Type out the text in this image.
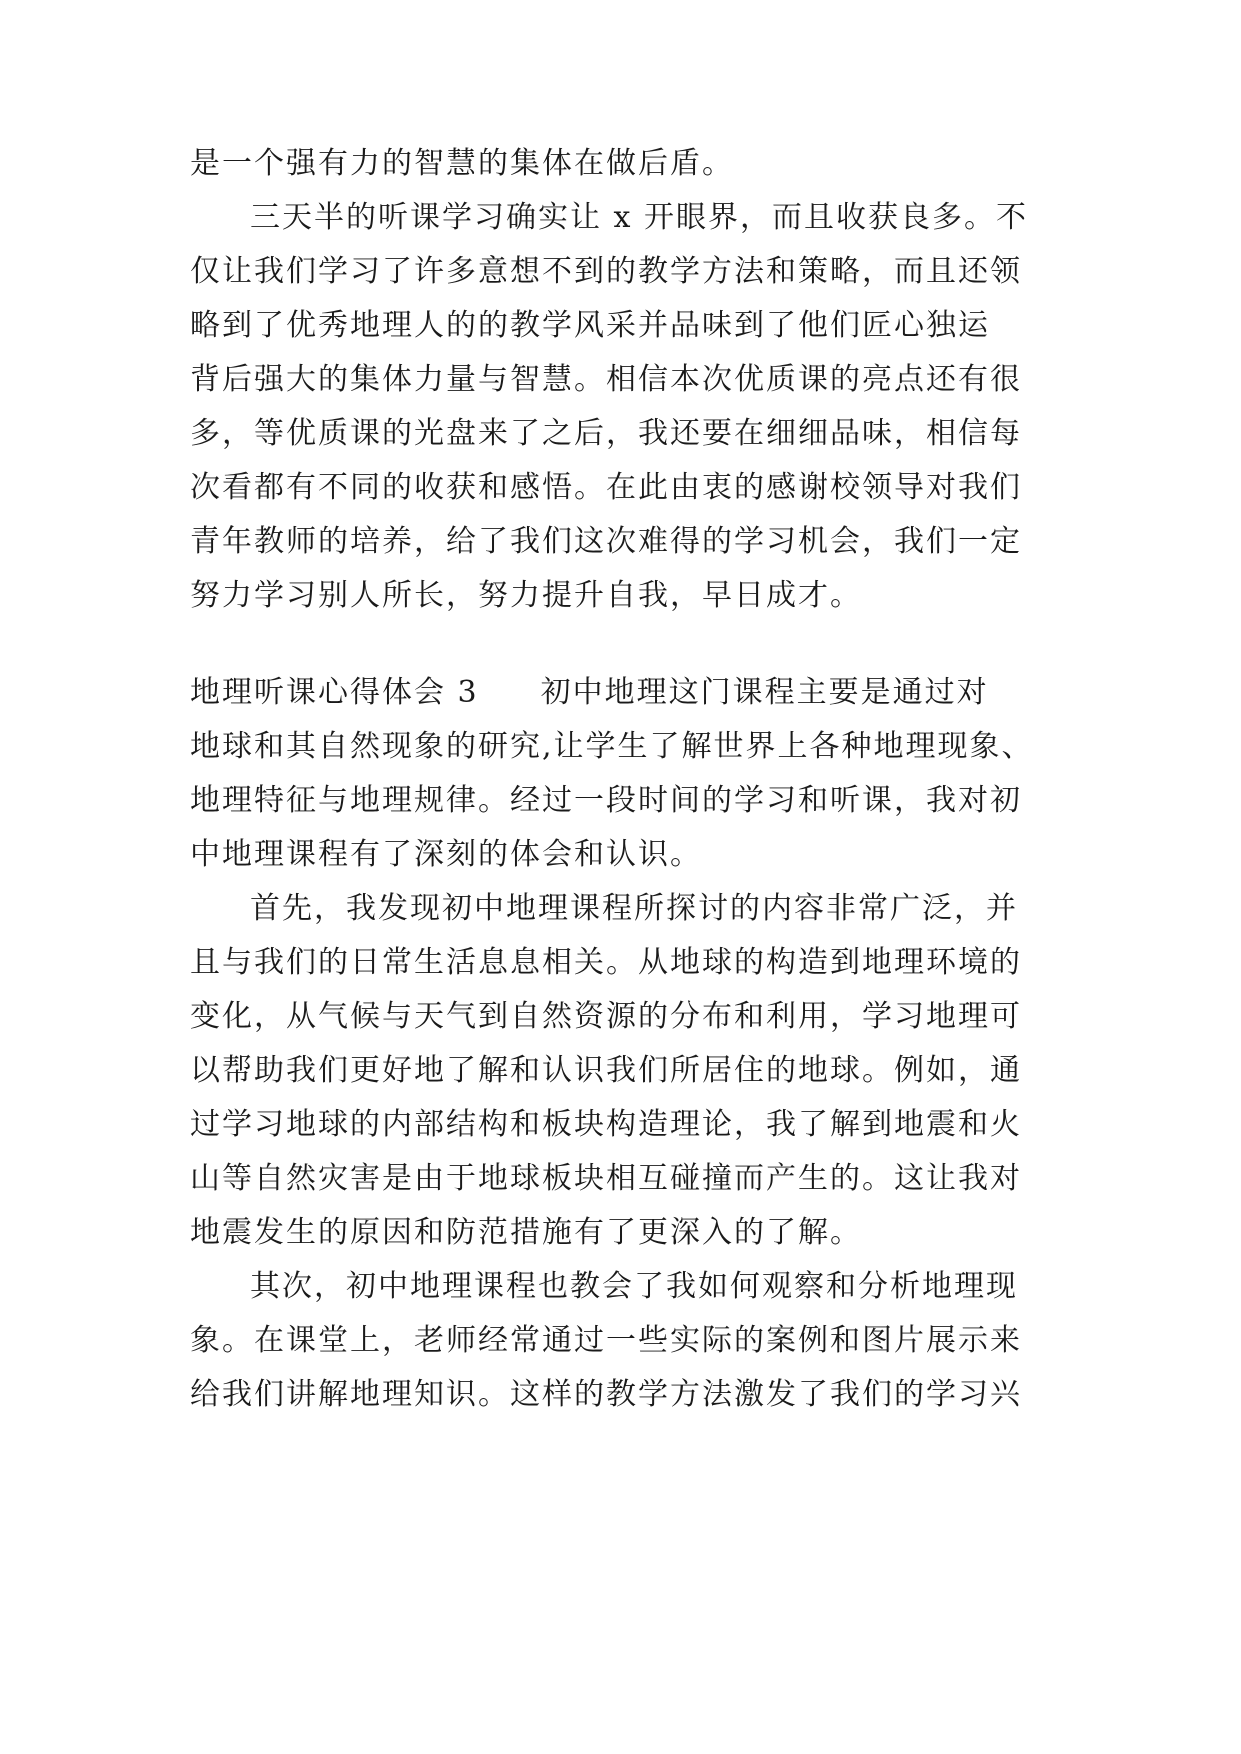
是一个强有力的智慧的集体在做后盾。
三天半的听课学习确实让 x 开眼界，而且收获良多。不
仅让我们学习了许多意想不到的教学方法和策略，而且还领
略到了优秀地理人的的教学风采并品味到了他们匠心独运
背后强大的集体力量与智慧。相信本次优质课的亮点还有很
多，等优质课的光盘来了之后，我还要在细细品味，相信每
次看都有不同的收获和感悟。在此由衷的感谢校领导对我们
青年教师的培养，给了我们这次难得的学习机会，我们一定
努力学习别人所长，努力提升自我，早日成才。
地理听课心得体会 3 初中地理这门课程主要是通过对
地球和其自然现象的研究,让学生了解世界上各种地理现象、
地理特征与地理规律。经过一段时间的学习和听课，我对初
中地理课程有了深刻的体会和认识。
首先，我发现初中地理课程所探讨的内容非常广泛，并
且与我们的日常生活息息相关。从地球的构造到地理环境的
变化，从气候与天气到自然资源的分布和利用，学习地理可
以帮助我们更好地了解和认识我们所居住的地球。例如，通
过学习地球的内部结构和板块构造理论，我了解到地震和火
山等自然灾害是由于地球板块相互碰撞而产生的。这让我对
地震发生的原因和防范措施有了更深入的了解。
其次，初中地理课程也教会了我如何观察和分析地理现
象。在课堂上，老师经常通过一些实际的案例和图片展示来
给我们讲解地理知识。这样的教学方法激发了我们的学习兴
